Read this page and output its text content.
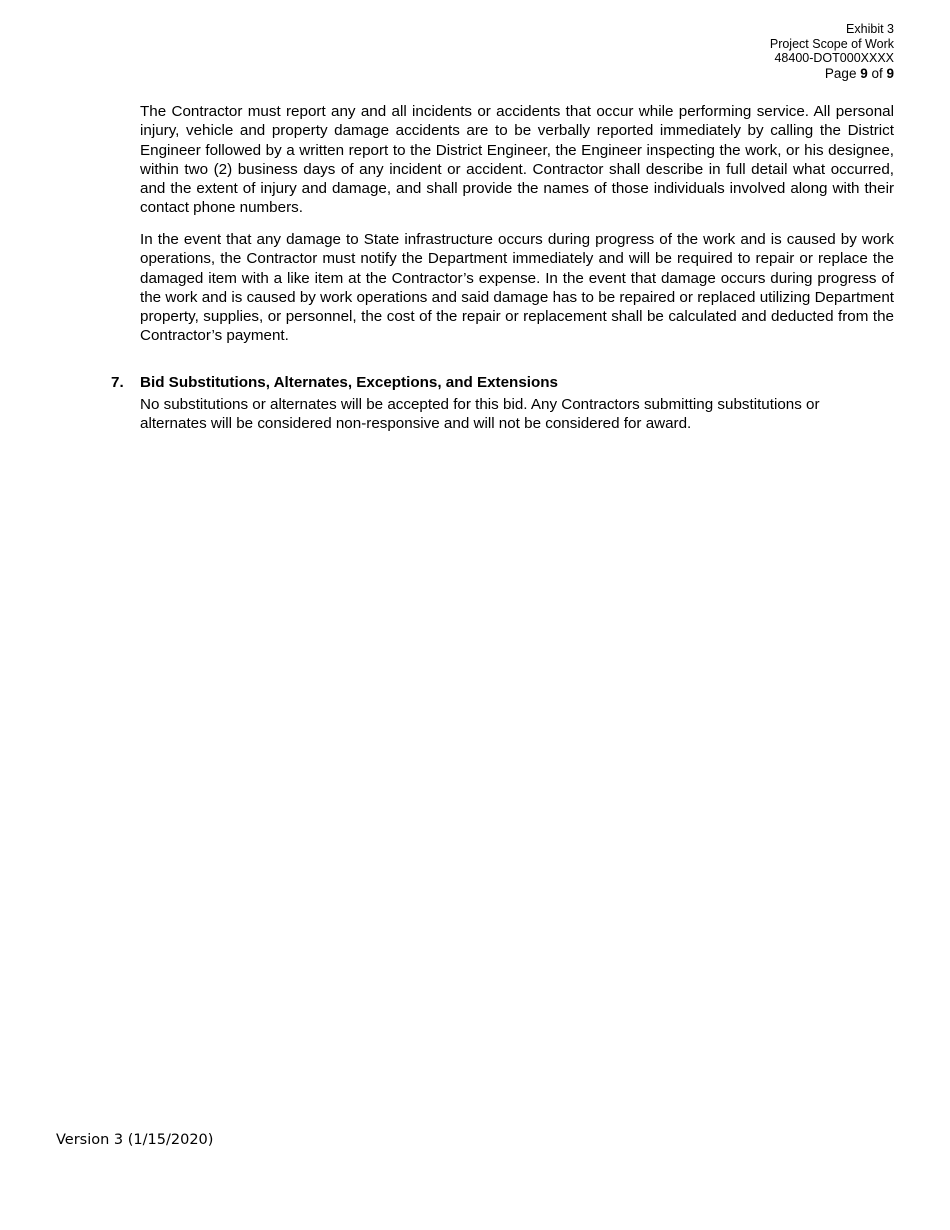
Exhibit 3
Project Scope of Work
48400-DOT000XXXX
Page 9 of 9

The Contractor must report any and all incidents or accidents that occur while performing service. All personal injury, vehicle and property damage accidents are to be verbally reported immediately by calling the District Engineer followed by a written report to the District Engineer, the Engineer inspecting the work, or his designee, within two (2) business days of any incident or accident. Contractor shall describe in full detail what occurred, and the extent of injury and damage, and shall provide the names of those individuals involved along with their contact phone numbers.

In the event that any damage to State infrastructure occurs during progress of the work and is caused by work operations, the Contractor must notify the Department immediately and will be required to repair or replace the damaged item with a like item at the Contractor’s expense. In the event that damage occurs during progress of the work and is caused by work operations and said damage has to be repaired or replaced utilizing Department property, supplies, or personnel, the cost of the repair or replacement shall be calculated and deducted from the Contractor’s payment.

7. Bid Substitutions, Alternates, Exceptions, and Extensions

No substitutions or alternates will be accepted for this bid. Any Contractors submitting substitutions or alternates will be considered non-responsive and will not be considered for award.

Version 3 (1/15/2020)
